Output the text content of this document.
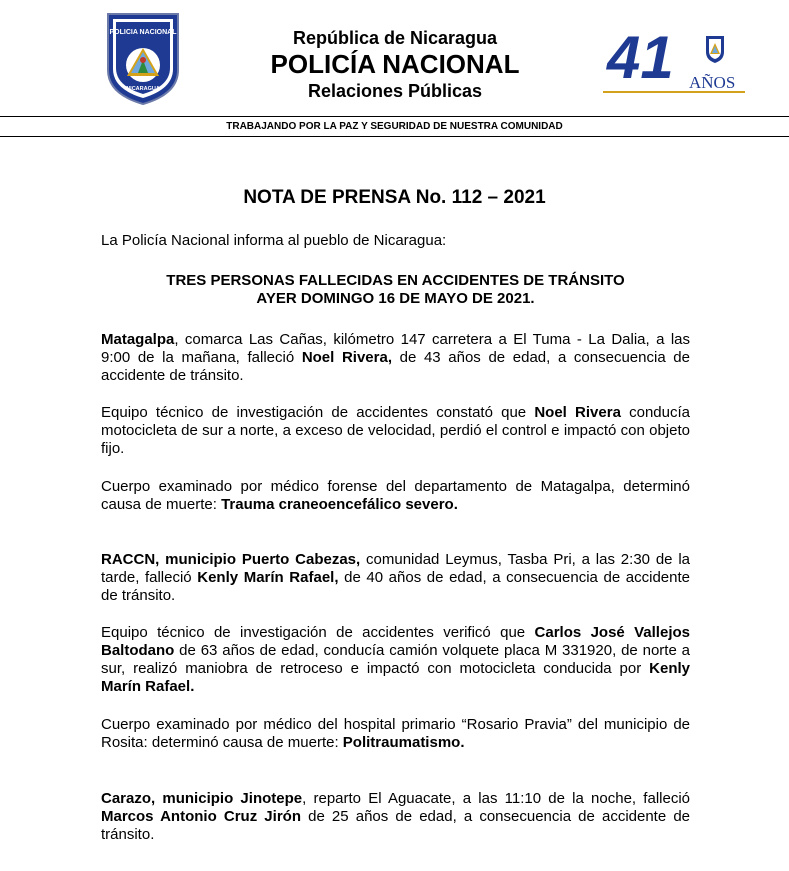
POLICIA NACIONAL
NICARAGUA
República de Nicaragua
POLICÍA NACIONAL
Relaciones Públicas	41 AÑOS
TRABAJANDO POR LA PAZ Y SEGURIDAD DE NUESTRA COMUNIDAD
NOTA DE PRENSA No. 112 – 2021
La Policía Nacional informa al pueblo de Nicaragua:
TRES PERSONAS FALLECIDAS EN ACCIDENTES DE TRÁNSITO
AYER DOMINGO 16 DE MAYO DE 2021.

Matagalpa, comarca Las Cañas, kilómetro 147 carretera a El Tuma - La Dalia, a las 9:00 de la mañana, falleció Noel Rivera, de 43 años de edad, a consecuencia de accidente de tránsito.

Equipo técnico de investigación de accidentes constató que Noel Rivera conducía motocicleta de sur a norte, a exceso de velocidad, perdió el control e impactó con objeto fijo.

Cuerpo examinado por médico forense del departamento de Matagalpa, determinó causa de muerte: Trauma craneoencefálico severo.

RACCN, municipio Puerto Cabezas, comunidad Leymus, Tasba Pri, a las 2:30 de la tarde, falleció Kenly Marín Rafael, de 40 años de edad, a consecuencia de accidente de tránsito.

Equipo técnico de investigación de accidentes verificó que Carlos José Vallejos Baltodano de 63 años de edad, conducía camión volquete placa M 331920, de norte a sur, realizó maniobra de retroceso e impactó con motocicleta conducida por Kenly Marín Rafael.

Cuerpo examinado por médico del hospital primario “Rosario Pravia” del municipio de Rosita: determinó causa de muerte: Politraumatismo.

Carazo, municipio Jinotepe, reparto El Aguacate, a las 11:10 de la noche, falleció Marcos Antonio Cruz Jirón de 25 años de edad, a consecuencia de accidente de tránsito.
